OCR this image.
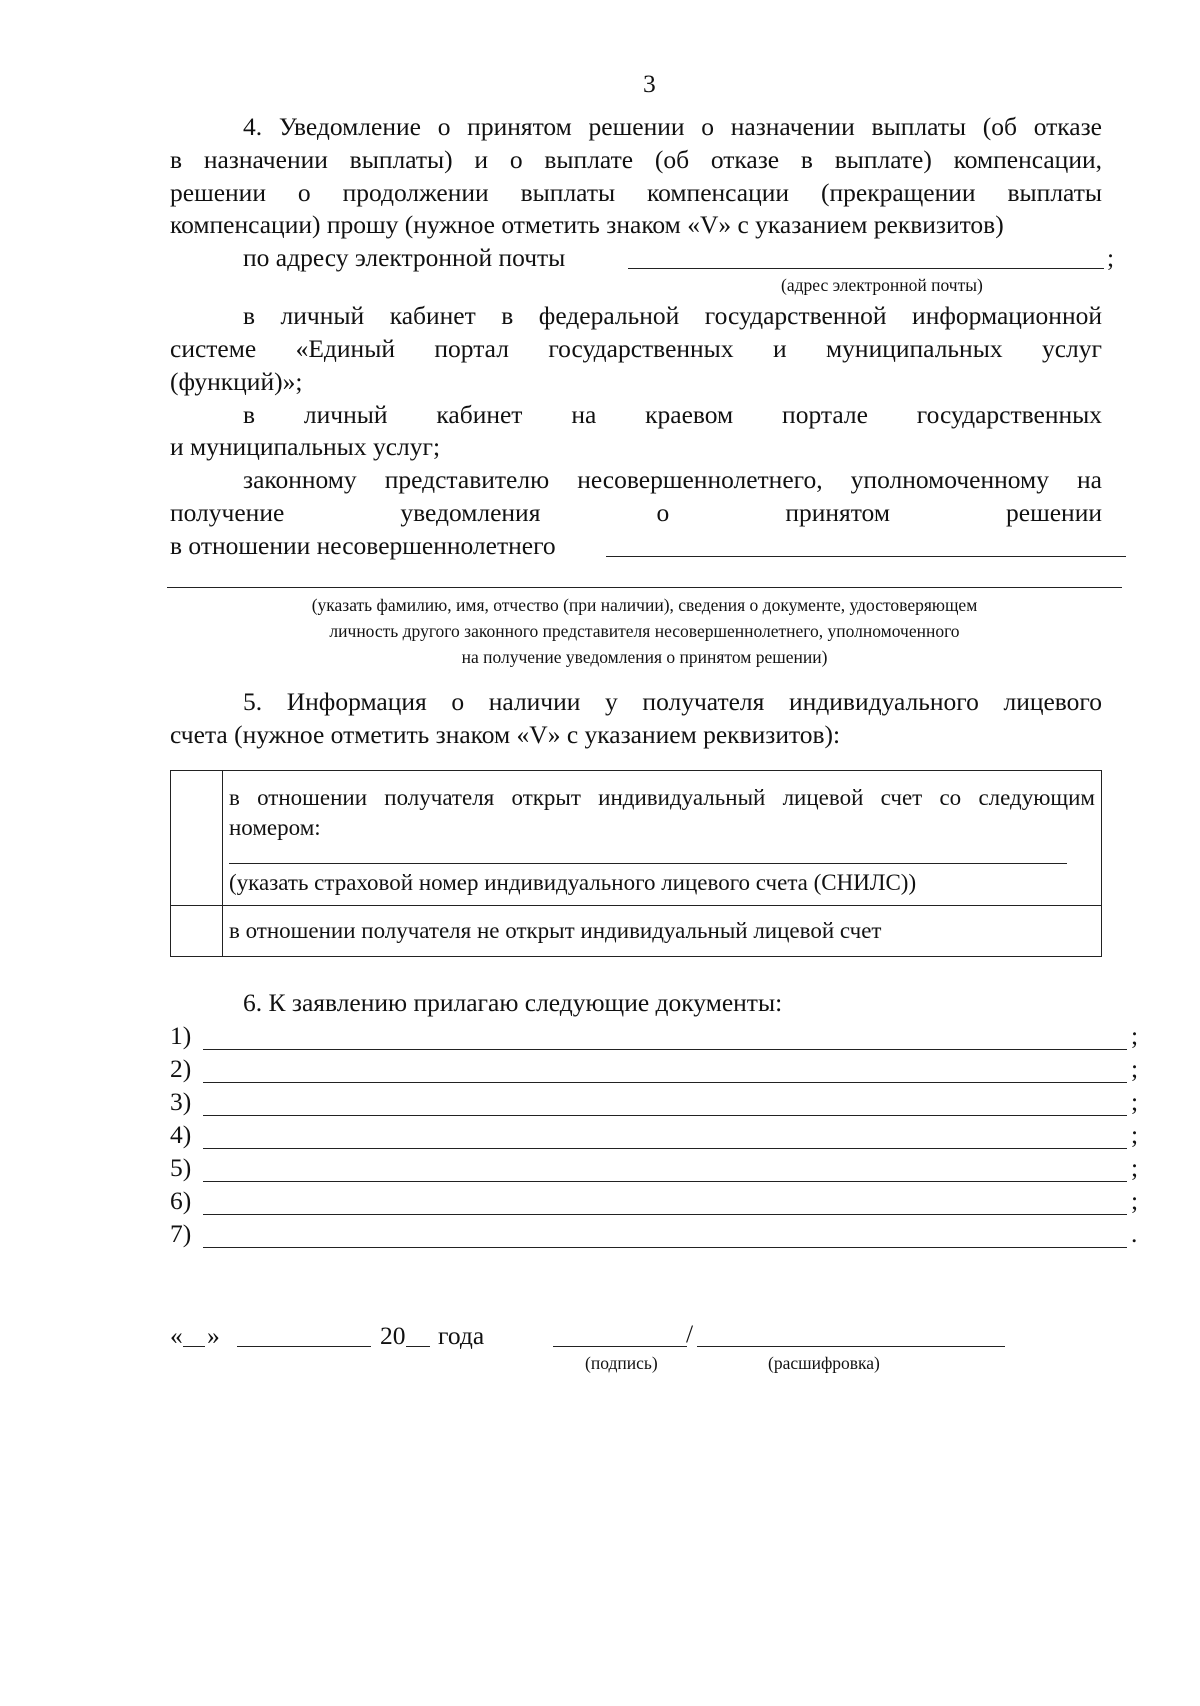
3
4. Уведомление о принятом решении о назначении выплаты (об отказе
в назначении выплаты) и о выплате (об отказе в выплате) компенсации,
решении о продолжении выплаты компенсации (прекращении выплаты
компенсации) прошу (нужное отметить знаком «V» с указанием реквизитов)
по адресу электронной почты	;
(адрес электронной почты)
в личный кабинет в федеральной государственной информационной
системе «Единый портал государственных и муниципальных услуг
(функций)»;
в личный кабинет на краевом портале государственных
и муниципальных услуг;
законному представителю несовершеннолетнего, уполномоченному на
получение уведомления о принятом решении
в отношении несовершеннолетнего
(указать фамилию, имя, отчество (при наличии), сведения о документе, удостоверяющем
личность другого законного представителя несовершеннолетнего, уполномоченного
на получение уведомления о принятом решении)
5. Информация о наличии у получателя индивидуального лицевого
счета (нужное отметить знаком «V» с указанием реквизитов):

	в отношении получателя открыт индивидуальный лицевой счет со следующим
номером:
(указать страховой номер индивидуального лицевого счета (СНИЛС))

	в отношении получателя не открыт индивидуальный лицевой счет
6. К заявлению прилагаю следующие документы:
1)	;
2)	;
3)	;
4)	;
5)	;
6)	;
7)	.
« »	20 года	/
(подпись)	(расшифровка)
